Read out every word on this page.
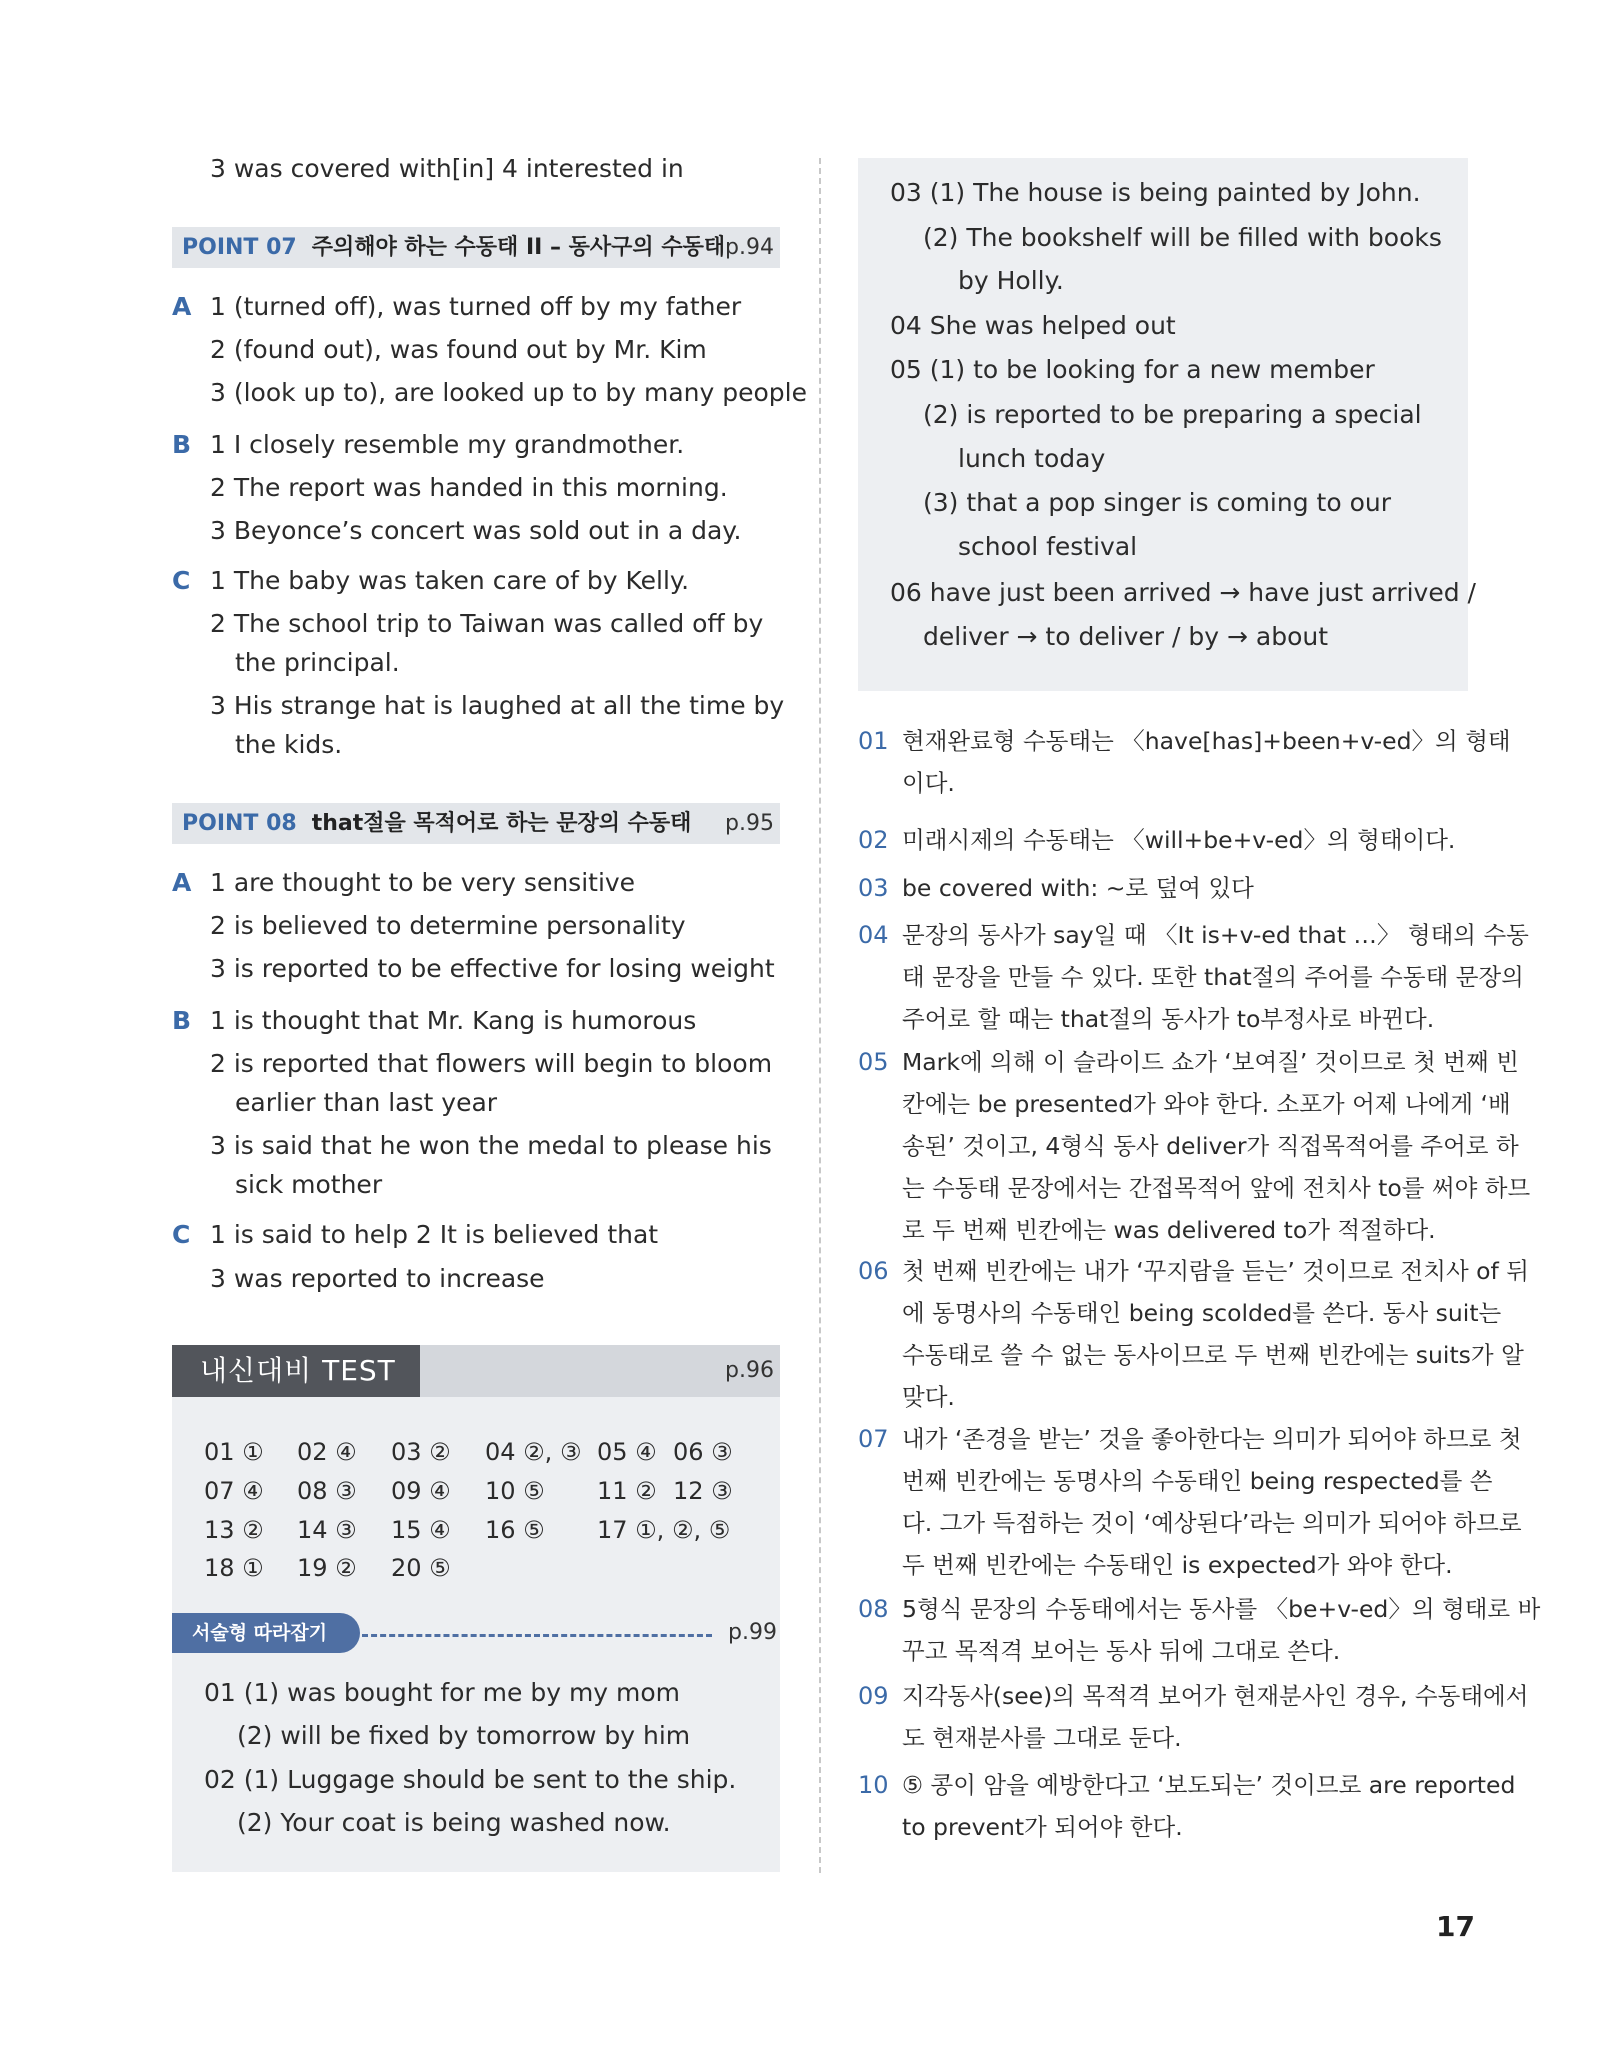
3 was covered with[in] 4 interested in
POINT 07 주의해야 하는 수동태 II – 동사구의 수동태 p.94
A 1 (turned off), was turned off by my father
2 (found out), was found out by Mr. Kim
3 (look up to), are looked up to by many people
B 1 I closely resemble my grandmother.
2 The report was handed in this morning.
3 Beyonce’s concert was sold out in a day.
C 1 The baby was taken care of by Kelly.
2 The school trip to Taiwan was called off by
the principal.
3 His strange hat is laughed at all the time by
the kids.
POINT 08 that절을 목적어로 하는 문장의 수동태 p.95
A 1 are thought to be very sensitive
2 is believed to determine personality
3 is reported to be effective for losing weight
B 1 is thought that Mr. Kang is humorous
2 is reported that flowers will begin to bloom
earlier than last year
3 is said that he won the medal to please his
sick mother
C 1 is said to help 2 It is believed that
3 was reported to increase
내신대비 TEST	p.96
01 ① 02 ④ 03 ② 04 ②, ③ 05 ④ 06 ③
07 ④ 08 ③ 09 ④ 10 ⑤ 11 ② 12 ③
13 ② 14 ③ 15 ④ 16 ⑤ 17 ①, ②, ⑤
18 ① 19 ② 20 ⑤
서술형 따라잡기	p.99
01 (1) was bought for me by my mom
(2) will be fixed by tomorrow by him
02 (1) Luggage should be sent to the ship.
(2) Your coat is being washed now.
03 (1) The house is being painted by John.
(2) The bookshelf will be filled with books
by Holly.
04 She was helped out
05 (1) to be looking for a new member
(2) is reported to be preparing a special
lunch today
(3) that a pop singer is coming to our
school festival
06 have just been arrived → have just arrived /
deliver → to deliver / by → about
01 현재완료형 수동태는 〈have[has]+been+v-ed〉의 형태
이다.
02 미래시제의 수동태는 〈will+be+v-ed〉의 형태이다.
03 be covered with: ~로 덮여 있다
04 문장의 동사가 say일 때 〈It is+v-ed that …〉 형태의 수동
태 문장을 만들 수 있다. 또한 that절의 주어를 수동태 문장의
주어로 할 때는 that절의 동사가 to부정사로 바뀐다.
05 Mark에 의해 이 슬라이드 쇼가 ‘보여질’ 것이므로 첫 번째 빈
칸에는 be presented가 와야 한다. 소포가 어제 나에게 ‘배
송된’ 것이고, 4형식 동사 deliver가 직접목적어를 주어로 하
는 수동태 문장에서는 간접목적어 앞에 전치사 to를 써야 하므
로 두 번째 빈칸에는 was delivered to가 적절하다.
06 첫 번째 빈칸에는 내가 ‘꾸지람을 듣는’ 것이므로 전치사 of 뒤
에 동명사의 수동태인 being scolded를 쓴다. 동사 suit는
수동태로 쓸 수 없는 동사이므로 두 번째 빈칸에는 suits가 알
맞다.
07 내가 ‘존경을 받는’ 것을 좋아한다는 의미가 되어야 하므로 첫
번째 빈칸에는 동명사의 수동태인 being respected를 쓴
다. 그가 득점하는 것이 ‘예상된다’라는 의미가 되어야 하므로
두 번째 빈칸에는 수동태인 is expected가 와야 한다.
08 5형식 문장의 수동태에서는 동사를 〈be+v-ed〉의 형태로 바
꾸고 목적격 보어는 동사 뒤에 그대로 쓴다.
09 지각동사(see)의 목적격 보어가 현재분사인 경우, 수동태에서
도 현재분사를 그대로 둔다.
10 ⑤ 콩이 암을 예방한다고 ‘보도되는’ 것이므로 are reported
to prevent가 되어야 한다.
17
